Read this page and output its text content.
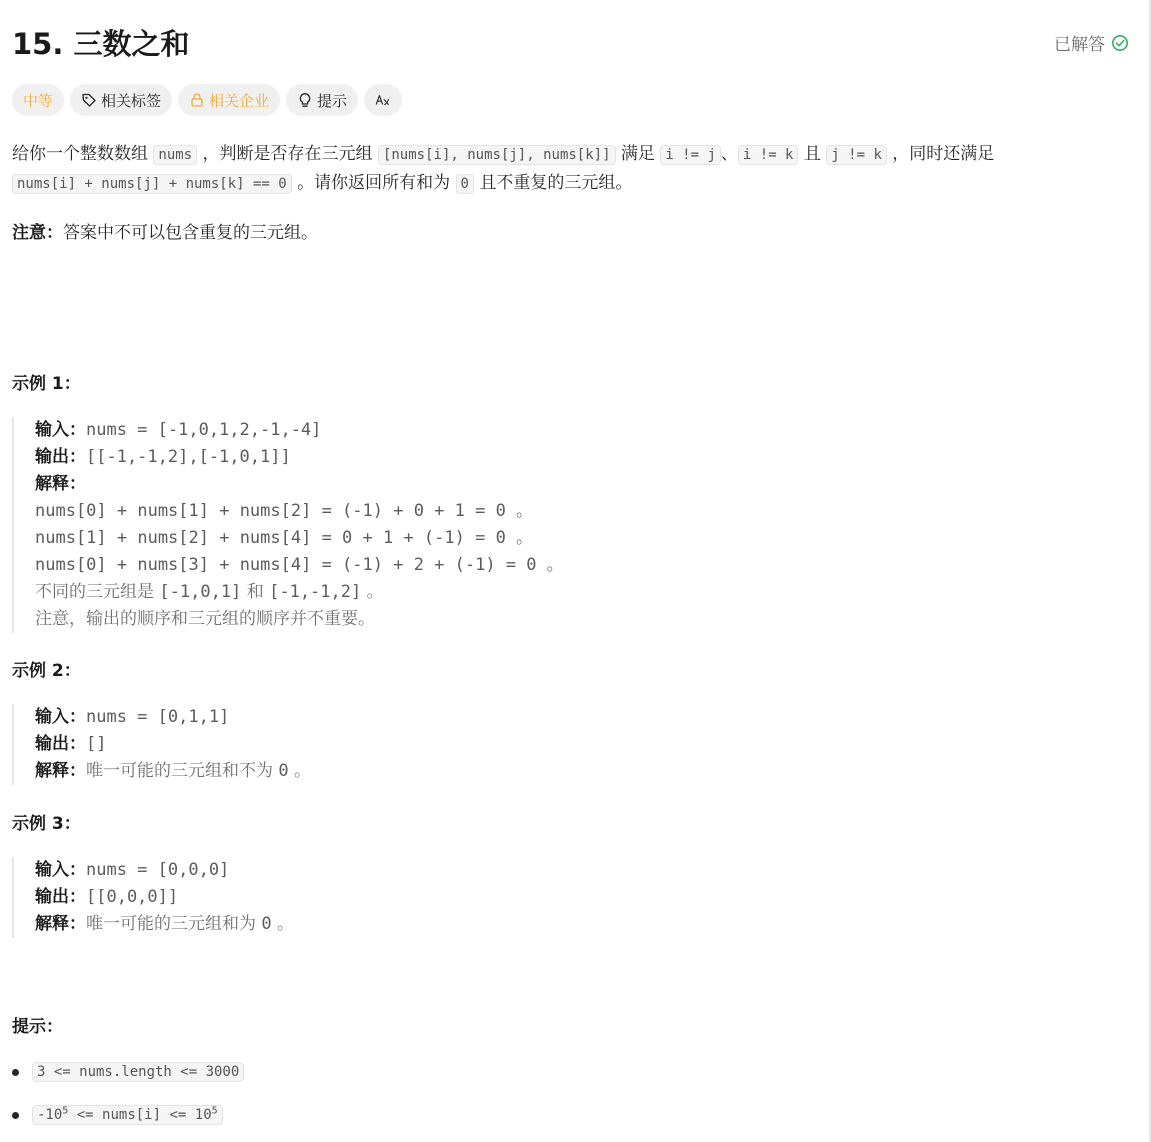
15. 三数之和	已解答
中等	相关标签	相关企业	提示
给你一个整数数组 nums ，判断是否存在三元组 [nums[i], nums[j], nums[k]] 满足 i != j 、 i != k 且 j != k ，同时还满足
nums[i] + nums[j] + nums[k] == 0 。请你返回所有和为 0 且不重复的三元组。
注意：答案中不可以包含重复的三元组。
示例 1：
输入：nums = [-1,0,1,2,-1,-4]
输出：[[-1,-1,2],[-1,0,1]]
解释：
nums[0] + nums[1] + nums[2] = (-1) + 0 + 1 = 0 。
nums[1] + nums[2] + nums[4] = 0 + 1 + (-1) = 0 。
nums[0] + nums[3] + nums[4] = (-1) + 2 + (-1) = 0 。
不同的三元组是 [-1,0,1] 和 [-1,-1,2] 。
注意，输出的顺序和三元组的顺序并不重要。
示例 2：
输入：nums = [0,1,1]
输出：[]
解释：唯一可能的三元组和不为 0 。
示例 3：
输入：nums = [0,0,0]
输出：[[0,0,0]]
解释：唯一可能的三元组和为 0 。
提示：
3 <= nums.length <= 3000
$-10^5$ <= nums[i] <= $10^5$
